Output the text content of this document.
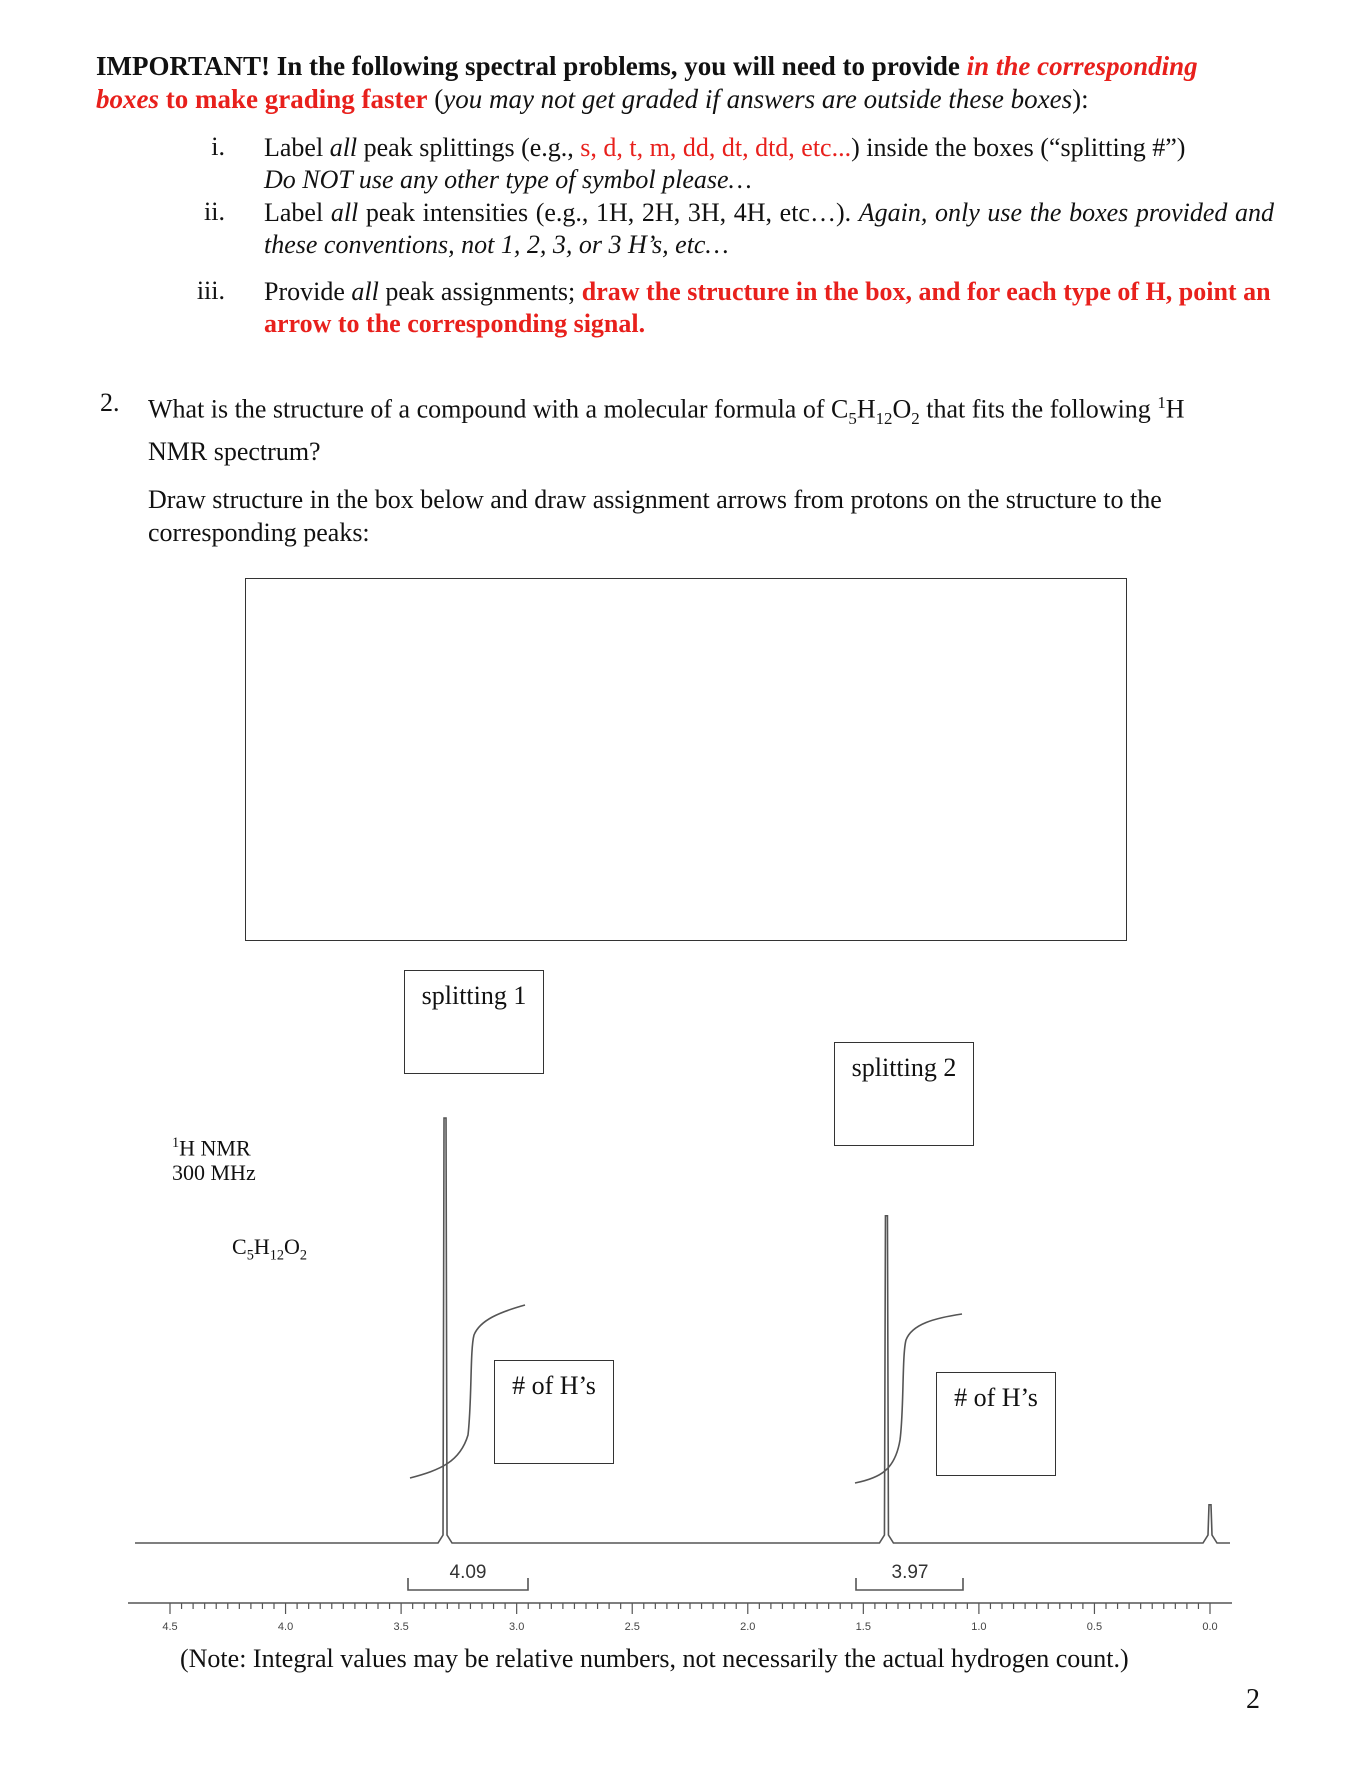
IMPORTANT! In the following spectral problems, you will need to provide in the corresponding
boxes to make grading faster (you may not get graded if answers are outside these boxes):
i. Label all peak splittings (e.g., s, d, t, m, dd, dt, dtd, etc...) inside the boxes (“splitting #”)
Do NOT use any other type of symbol please…
ii. Label all peak intensities (e.g., 1H, 2H, 3H, 4H, etc…). Again, only use the boxes provided and these conventions, not 1, 2, 3, or 3 H’s, etc…
iii. Provide all peak assignments; draw the structure in the box, and for each type of H, point an arrow to the corresponding signal.
2. What is the structure of a compound with a molecular formula of $C_5H_{12}O_2$ that fits the following $^1$H
NMR spectrum?
Draw structure in the box below and draw assignment arrows from protons on the structure to the corresponding peaks:
splitting 1
splitting 2
# of H’s	# of H’s
$^1$H NMR
300 MHz
$C_5H_{12}O_2$
4.5	4.0	3.5	3.0	2.5	2.0	1.5	1.0	0.5	0.0
4.09	3.97
(Note: Integral values may be relative numbers, not necessarily the actual hydrogen count.)
2
